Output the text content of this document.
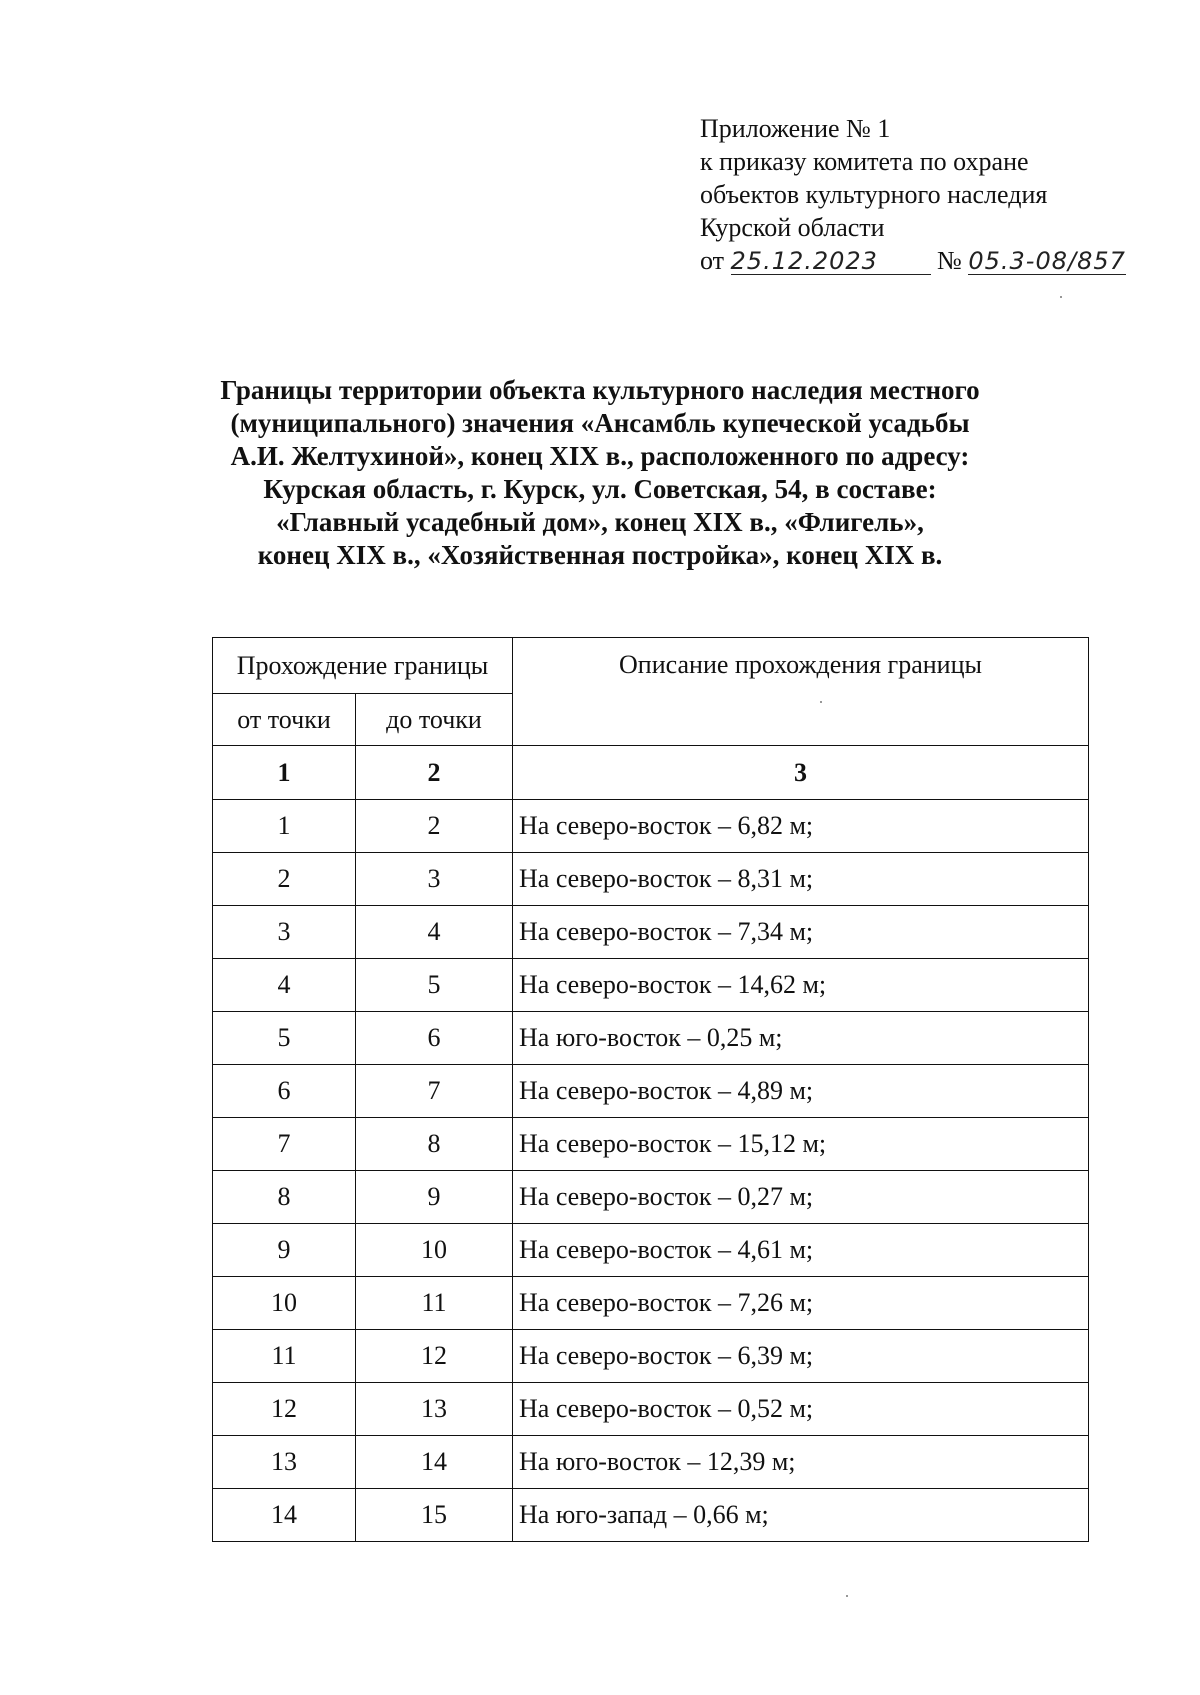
Приложение № 1
к приказу комитета по охране
объектов культурного наследия
Курской области
от 25.12.2023 № 05.3-08/857
Границы территории объекта культурного наследия местного
(муниципального) значения «Ансамбль купеческой усадьбы
А.И. Желтухиной», конец XIX в., расположенного по адресу:
Курская область, г. Курск, ул. Советская, 54, в составе:
«Главный усадебный дом», конец XIX в., «Флигель»,
конец XIX в., «Хозяйственная постройка», конец XIX в.
Прохождение границы		Описание прохождения границы
от точки	до точки	
1	2	3
1	2	На северо-восток – 6,82 м;
2	3	На северо-восток – 8,31 м;
3	4	На северо-восток – 7,34 м;
4	5	На северо-восток – 14,62 м;
5	6	На юго-восток – 0,25 м;
6	7	На северо-восток – 4,89 м;
7	8	На северо-восток – 15,12 м;
8	9	На северо-восток – 0,27 м;
9	10	На северо-восток – 4,61 м;
10	11	На северо-восток – 7,26 м;
11	12	На северо-восток – 6,39 м;
12	13	На северо-восток – 0,52 м;
13	14	На юго-восток – 12,39 м;
14	15	На юго-запад – 0,66 м;
